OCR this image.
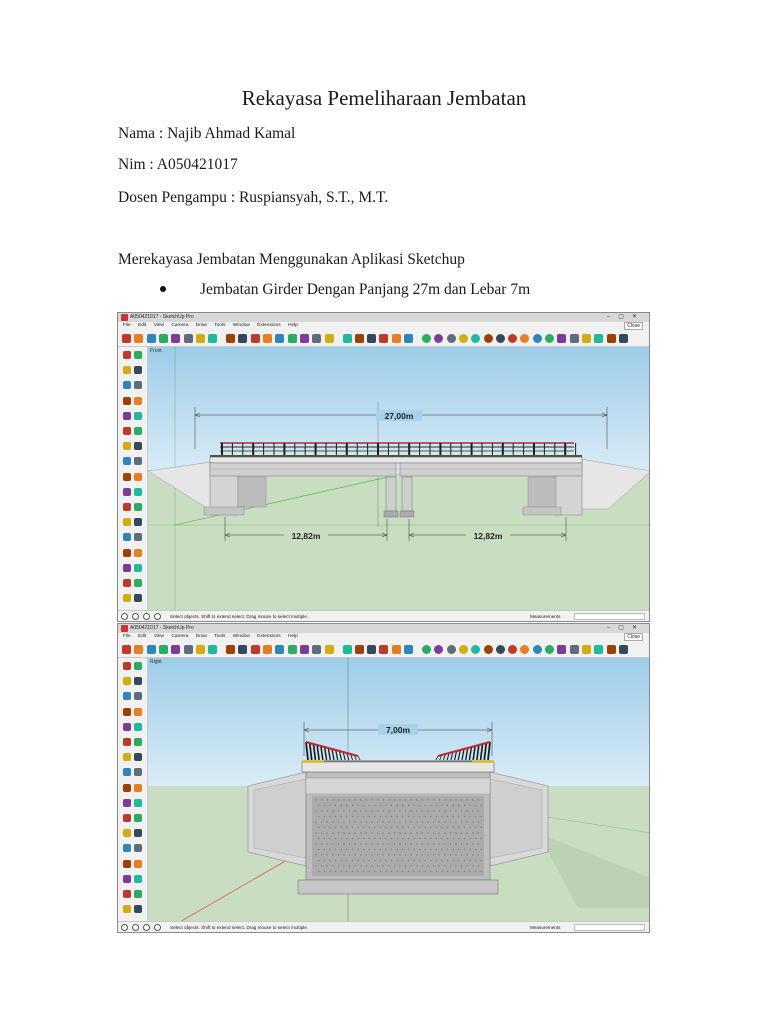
Rekayasa Pemeliharaan Jembatan
Nama : Najib Ahmad Kamal
Nim : A050421017
Dosen Pengampu : Ruspiansyah, S.T., M.T.
Merekayasa Jembatan Menggunakan Aplikasi Sketchup
Jembatan Girder Dengan Panjang 27m dan Lebar 7m
A050421017 - SketchUp Pro	–▢✕
File Edit View Camera Draw Tools Window Extensions Help	Close
27,00m
12,82m	12,82m
Front
Select objects. Shift to extend select. Drag mouse to select multiple.	Measurements
A050421017 - SketchUp Pro	–▢✕
File Edit View Camera Draw Tools Window Extensions Help	Close
7,00m
Right
Select objects. Shift to extend select. Drag mouse to select multiple.	Measurements
